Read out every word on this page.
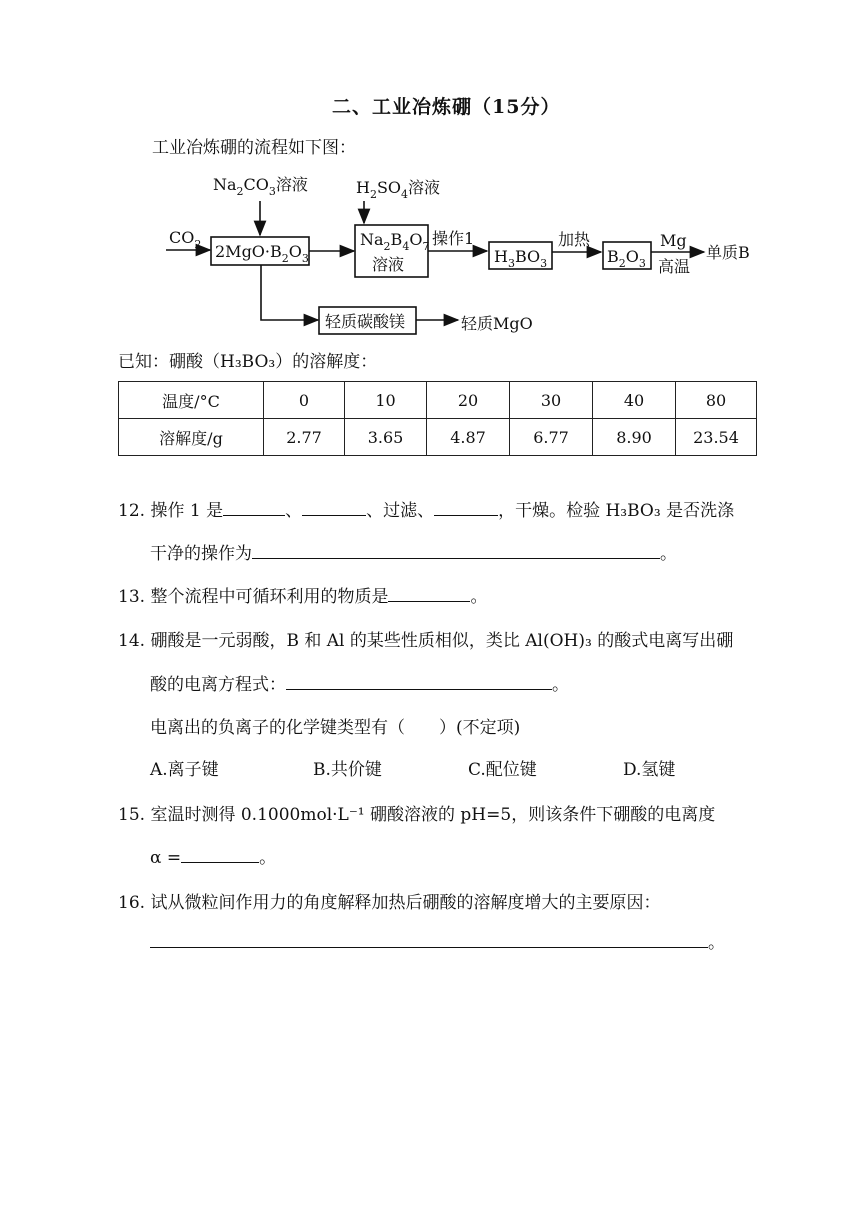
二、工业冶炼硼（15分）
工业冶炼硼的流程如下图：
$Na_2CO_3$溶液	$H_2SO_4$溶液
$CO_2$ $2MgO\cdot B_2O_3$
$Na_2B_4O_7$
溶液
操作1
$H_3BO_3$
加热
$B_2O_3$
Mg
高温
单质B
轻质碳酸镁	轻质MgO
已知：硼酸（H₃BO₃）的溶解度：
温度/°C	0	10	20	30	40	80
溶解度/g	2.77	3.65	4.87	6.77	8.90	23.54
12. 操作 1 是	、	、过滤、	，干燥。检验 H₃BO₃ 是否洗涤
干净的操作为	。
13. 整个流程中可循环利用的物质是	。
14. 硼酸是一元弱酸，B 和 Al 的某些性质相似，类比 Al(OH)₃ 的酸式电离写出硼
酸的电离方程式：	。
电离出的负离子的化学键类型有（　　）(不定项)
A.离子键	B.共价键	C.配位键	D.氢键
15. 室温时测得 0.1000mol·L⁻¹ 硼酸溶液的 pH=5，则该条件下硼酸的电离度
α =	。
16. 试从微粒间作用力的角度解释加热后硼酸的溶解度增大的主要原因：
。
